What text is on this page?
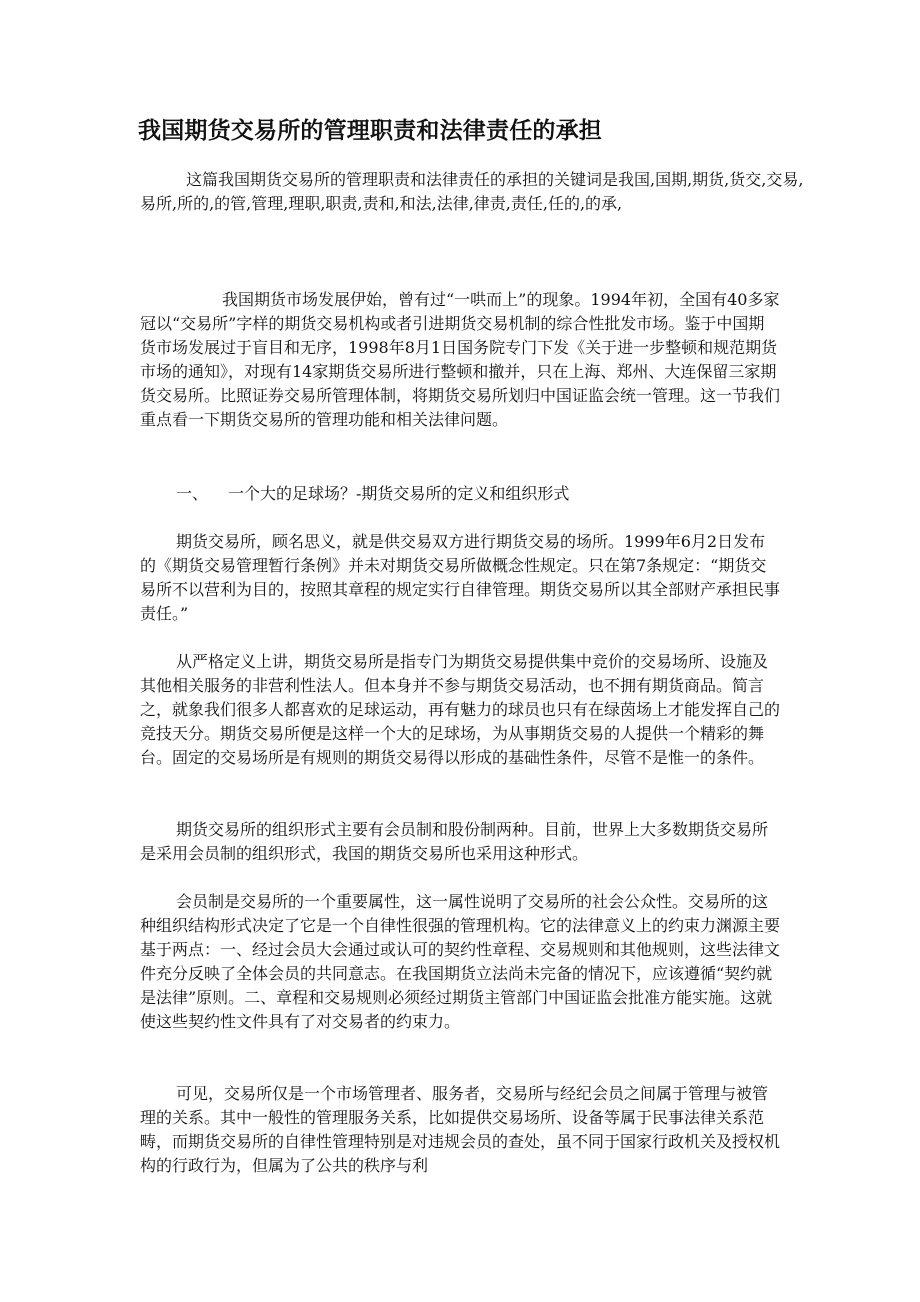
我国期货交易所的管理职责和法律责任的承担
这篇我国期货交易所的管理职责和法律责任的承担的关键词是我国,国期,期货,货交,交易,易所,所的,的管,管理,理职,职责,责和,和法,法律,律责,责任,任的,的承,
我国期货市场发展伊始，曾有过“一哄而上”的现象。1994年初，全国有40多家冠以“交易所”字样的期货交易机构或者引进期货交易机制的综合性批发市场。鉴于中国期货市场发展过于盲目和无序，1998年8月1日国务院专门下发《关于进一步整顿和规范期货市场的通知》，对现有14家期货交易所进行整顿和撤并，只在上海、郑州、大连保留三家期货交易所。比照证券交易所管理体制，将期货交易所划归中国证监会统一管理。这一节我们重点看一下期货交易所的管理功能和相关法律问题。
一、 一个大的足球场？-期货交易所的定义和组织形式
期货交易所，顾名思义，就是供交易双方进行期货交易的场所。1999年6月2日发布的《期货交易管理暂行条例》并未对期货交易所做概念性规定。只在第7条规定：“期货交易所不以营利为目的，按照其章程的规定实行自律管理。期货交易所以其全部财产承担民事责任。”
从严格定义上讲，期货交易所是指专门为期货交易提供集中竞价的交易场所、设施及其他相关服务的非营利性法人。但本身并不参与期货交易活动，也不拥有期货商品。简言之，就象我们很多人都喜欢的足球运动，再有魅力的球员也只有在绿茵场上才能发挥自己的竞技天分。期货交易所便是这样一个大的足球场，为从事期货交易的人提供一个精彩的舞台。固定的交易场所是有规则的期货交易得以形成的基础性条件，尽管不是惟一的条件。
期货交易所的组织形式主要有会员制和股份制两种。目前，世界上大多数期货交易所是采用会员制的组织形式，我国的期货交易所也采用这种形式。
会员制是交易所的一个重要属性，这一属性说明了交易所的社会公众性。交易所的这种组织结构形式决定了它是一个自律性很强的管理机构。它的法律意义上的约束力渊源主要基于两点：一、经过会员大会通过或认可的契约性章程、交易规则和其他规则，这些法律文件充分反映了全体会员的共同意志。在我国期货立法尚未完备的情况下，应该遵循“契约就是法律”原则。二、章程和交易规则必须经过期货主管部门中国证监会批准方能实施。这就使这些契约性文件具有了对交易者的约束力。
可见，交易所仅是一个市场管理者、服务者，交易所与经纪会员之间属于管理与被管理的关系。其中一般性的管理服务关系，比如提供交易场所、设备等属于民事法律关系范畴，而期货交易所的自律性管理特别是对违规会员的查处，虽不同于国家行政机关及授权机构的行政行为，但属为了公共的秩序与利
